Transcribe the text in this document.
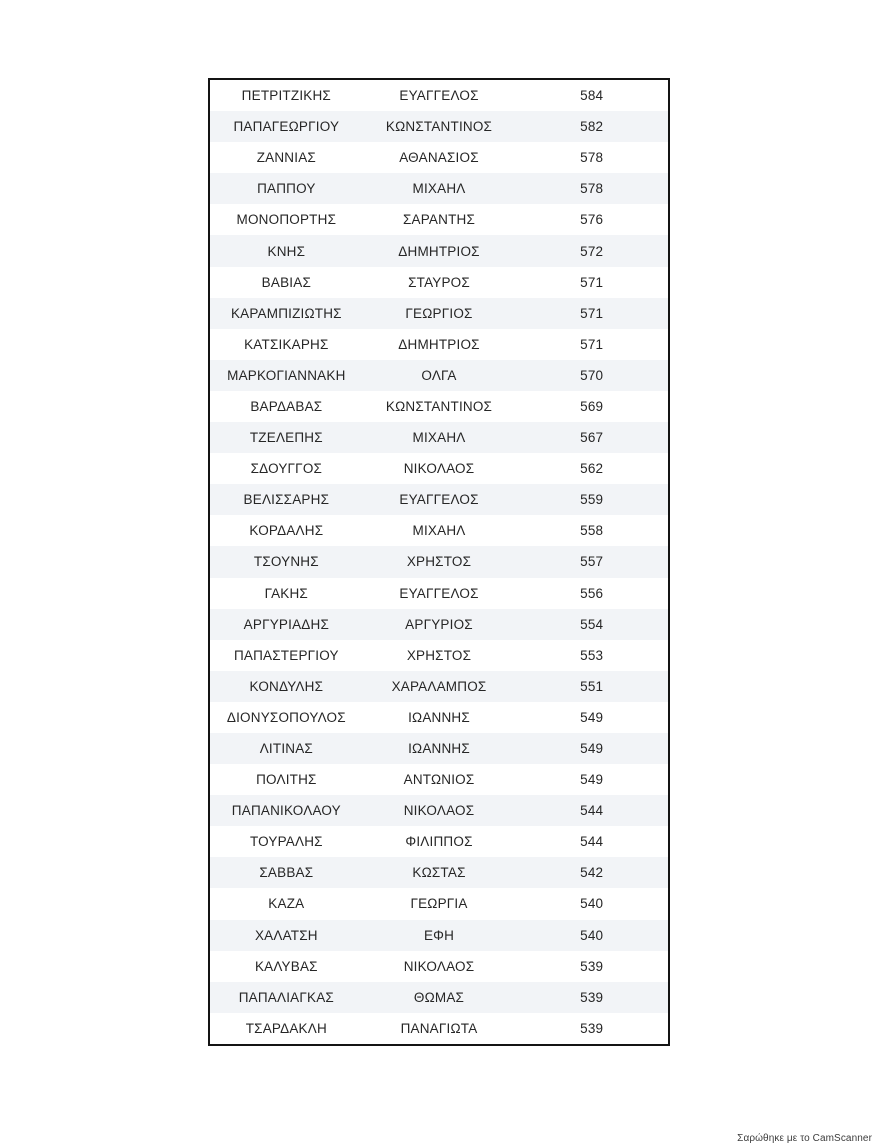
ΠΕΤΡΙΤΖΙΚΗΣ	ΕΥΑΓΓΕΛΟΣ	584
ΠΑΠΑΓΕΩΡΓΙΟΥ	ΚΩΝΣΤΑΝΤΙΝΟΣ	582
ΖΑΝΝΙΑΣ	ΑΘΑΝΑΣΙΟΣ	578
ΠΑΠΠΟΥ	ΜΙΧΑΗΛ	578
ΜΟΝΟΠΟΡΤΗΣ	ΣΑΡΑΝΤΗΣ	576
ΚΝΗΣ	ΔΗΜΗΤΡΙΟΣ	572
ΒΑΒΙΑΣ	ΣΤΑΥΡΟΣ	571
ΚΑΡΑΜΠΙΖΙΩΤΗΣ	ΓΕΩΡΓΙΟΣ	571
ΚΑΤΣΙΚΑΡΗΣ	ΔΗΜΗΤΡΙΟΣ	571
ΜΑΡΚΟΓΙΑΝΝΑΚΗ	ΟΛΓΑ	570
ΒΑΡΔΑΒΑΣ	ΚΩΝΣΤΑΝΤΙΝΟΣ	569
ΤΖΕΛΕΠΗΣ	ΜΙΧΑΗΛ	567
ΣΔΟΥΓΓΟΣ	ΝΙΚΟΛΑΟΣ	562
ΒΕΛΙΣΣΑΡΗΣ	ΕΥΑΓΓΕΛΟΣ	559
ΚΟΡΔΑΛΗΣ	ΜΙΧΑΗΛ	558
ΤΣΟΥΝΗΣ	ΧΡΗΣΤΟΣ	557
ΓΑΚΗΣ	ΕΥΑΓΓΕΛΟΣ	556
ΑΡΓΥΡΙΑΔΗΣ	ΑΡΓΥΡΙΟΣ	554
ΠΑΠΑΣΤΕΡΓΙΟΥ	ΧΡΗΣΤΟΣ	553
ΚΟΝΔΥΛΗΣ	ΧΑΡΑΛΑΜΠΟΣ	551
ΔΙΟΝΥΣΟΠΟΥΛΟΣ	ΙΩΑΝΝΗΣ	549
ΛΙΤΙΝΑΣ	ΙΩΑΝΝΗΣ	549
ΠΟΛΙΤΗΣ	ΑΝΤΩΝΙΟΣ	549
ΠΑΠΑΝΙΚΟΛΑΟΥ	ΝΙΚΟΛΑΟΣ	544
ΤΟΥΡΑΛΗΣ	ΦΙΛΙΠΠΟΣ	544
ΣΑΒΒΑΣ	ΚΩΣΤΑΣ	542
ΚΑΖΑ	ΓΕΩΡΓΙΑ	540
ΧΑΛΑΤΣΗ	ΕΦΗ	540
ΚΑΛΥΒΑΣ	ΝΙΚΟΛΑΟΣ	539
ΠΑΠΑΛΙΑΓΚΑΣ	ΘΩΜΑΣ	539
ΤΣΑΡΔΑΚΛΗ	ΠΑΝΑΓΙΩΤΑ	539
Σαρώθηκε με το CamScanner
